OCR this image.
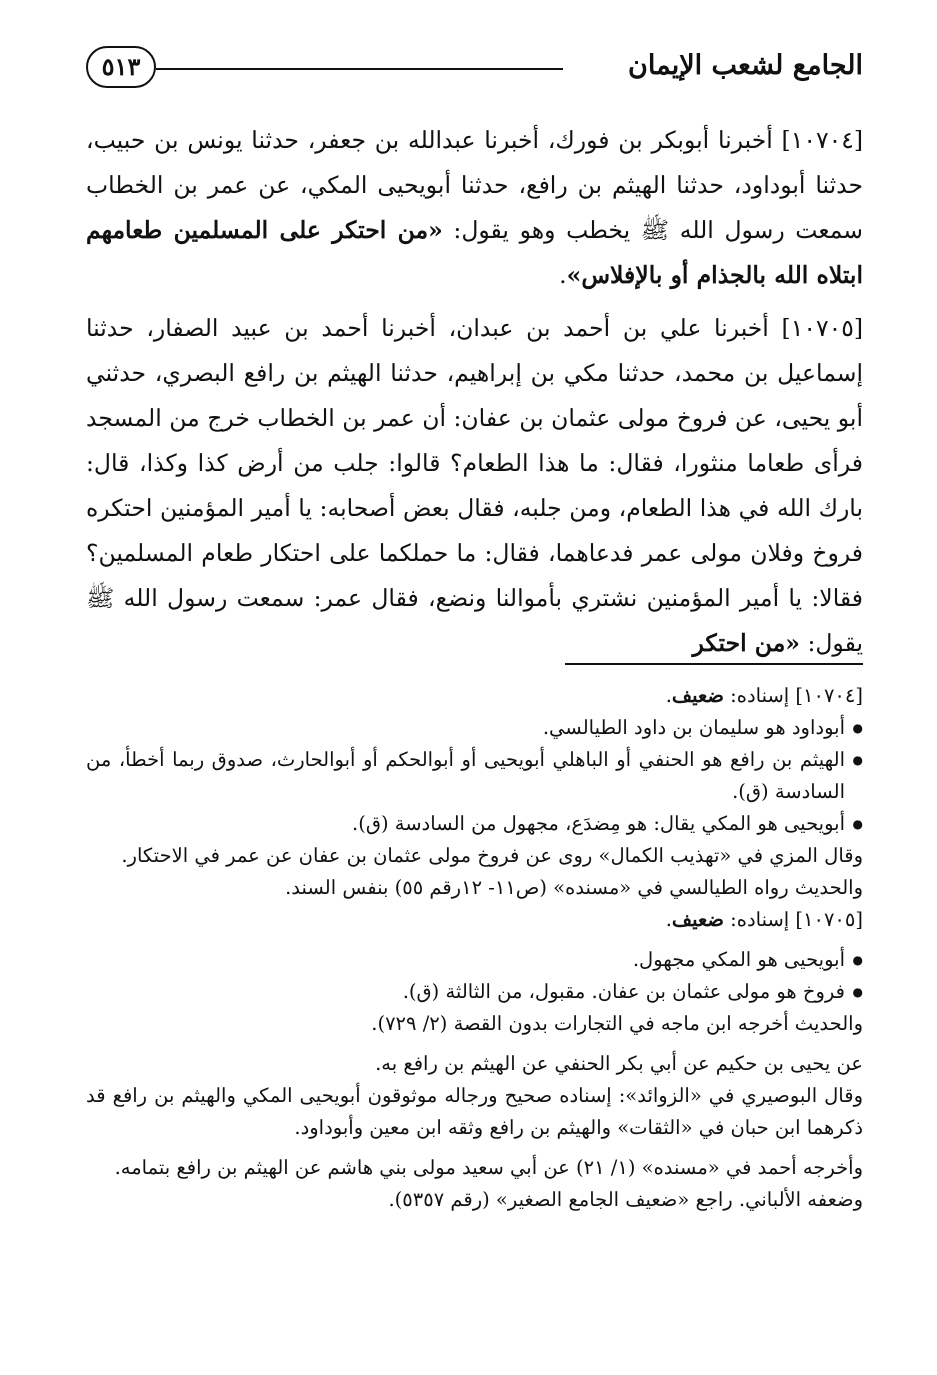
الجامع لشعب الإيمان
٥١٣

[١٠٧٠٤] أخبرنا أبوبكر بن فورك، أخبرنا عبدالله بن جعفر، حدثنا يونس بن حبيب، حدثنا أبوداود، حدثنا الهيثم بن رافع، حدثنا أبويحيى المكي، عن عمر بن الخطاب سمعت رسول الله ﷺ يخطب وهو يقول: «من احتكر على المسلمين طعامهم ابتلاه الله بالجذام أو بالإفلاس».

[١٠٧٠٥] أخبرنا علي بن أحمد بن عبدان، أخبرنا أحمد بن عبيد الصفار، حدثنا إسماعيل بن محمد، حدثنا مكي بن إبراهيم، حدثنا الهيثم بن رافع البصري، حدثني أبو يحيى، عن فروخ مولى عثمان بن عفان: أن عمر بن الخطاب خرج من المسجد فرأى طعاما منثورا، فقال: ما هذا الطعام؟ قالوا: جلب من أرض كذا وكذا، قال: بارك الله في هذا الطعام، ومن جلبه، فقال بعض أصحابه: يا أمير المؤمنين احتكره فروخ وفلان مولى عمر فدعاهما، فقال: ما حملكما على احتكار طعام المسلمين؟ فقالا: يا أمير المؤمنين نشتري بأموالنا ونضع، فقال عمر: سمعت رسول الله ﷺ يقول: «من احتكر

[١٠٧٠٤] إسناده: ضعيف.

● أبوداود هو سليمان بن داود الطيالسي.

● الهيثم بن رافع هو الحنفي أو الباهلي أبويحيى أو أبوالحكم أو أبوالحارث، صدوق ربما أخطأ، من السادسة (ق).

● أبويحيى هو المكي يقال: هو مِضدَع، مجهول من السادسة (ق).

وقال المزي في «تهذيب الكمال» روى عن فروخ مولى عثمان بن عفان عن عمر في الاحتكار.

والحديث رواه الطيالسي في «مسنده» (ص١١- ١٢رقم ٥٥) بنفس السند.

[١٠٧٠٥] إسناده: ضعيف.

● أبويحيى هو المكي مجهول.

● فروخ هو مولى عثمان بن عفان. مقبول، من الثالثة (ق).

والحديث أخرجه ابن ماجه في التجارات بدون القصة (٢/ ٧٢٩).

عن يحيى بن حكيم عن أبي بكر الحنفي عن الهيثم بن رافع به.

وقال البوصيري في «الزوائد»: إسناده صحيح ورجاله موثوقون أبويحيى المكي والهيثم بن رافع قد ذكرهما ابن حبان في «الثقات» والهيثم بن رافع وثقه ابن معين وأبوداود.

وأخرجه أحمد في «مسنده» (١/ ٢١) عن أبي سعيد مولى بني هاشم عن الهيثم بن رافع بتمامه.

وضعفه الألباني. راجع «ضعيف الجامع الصغير» (رقم ٥٣٥٧).
